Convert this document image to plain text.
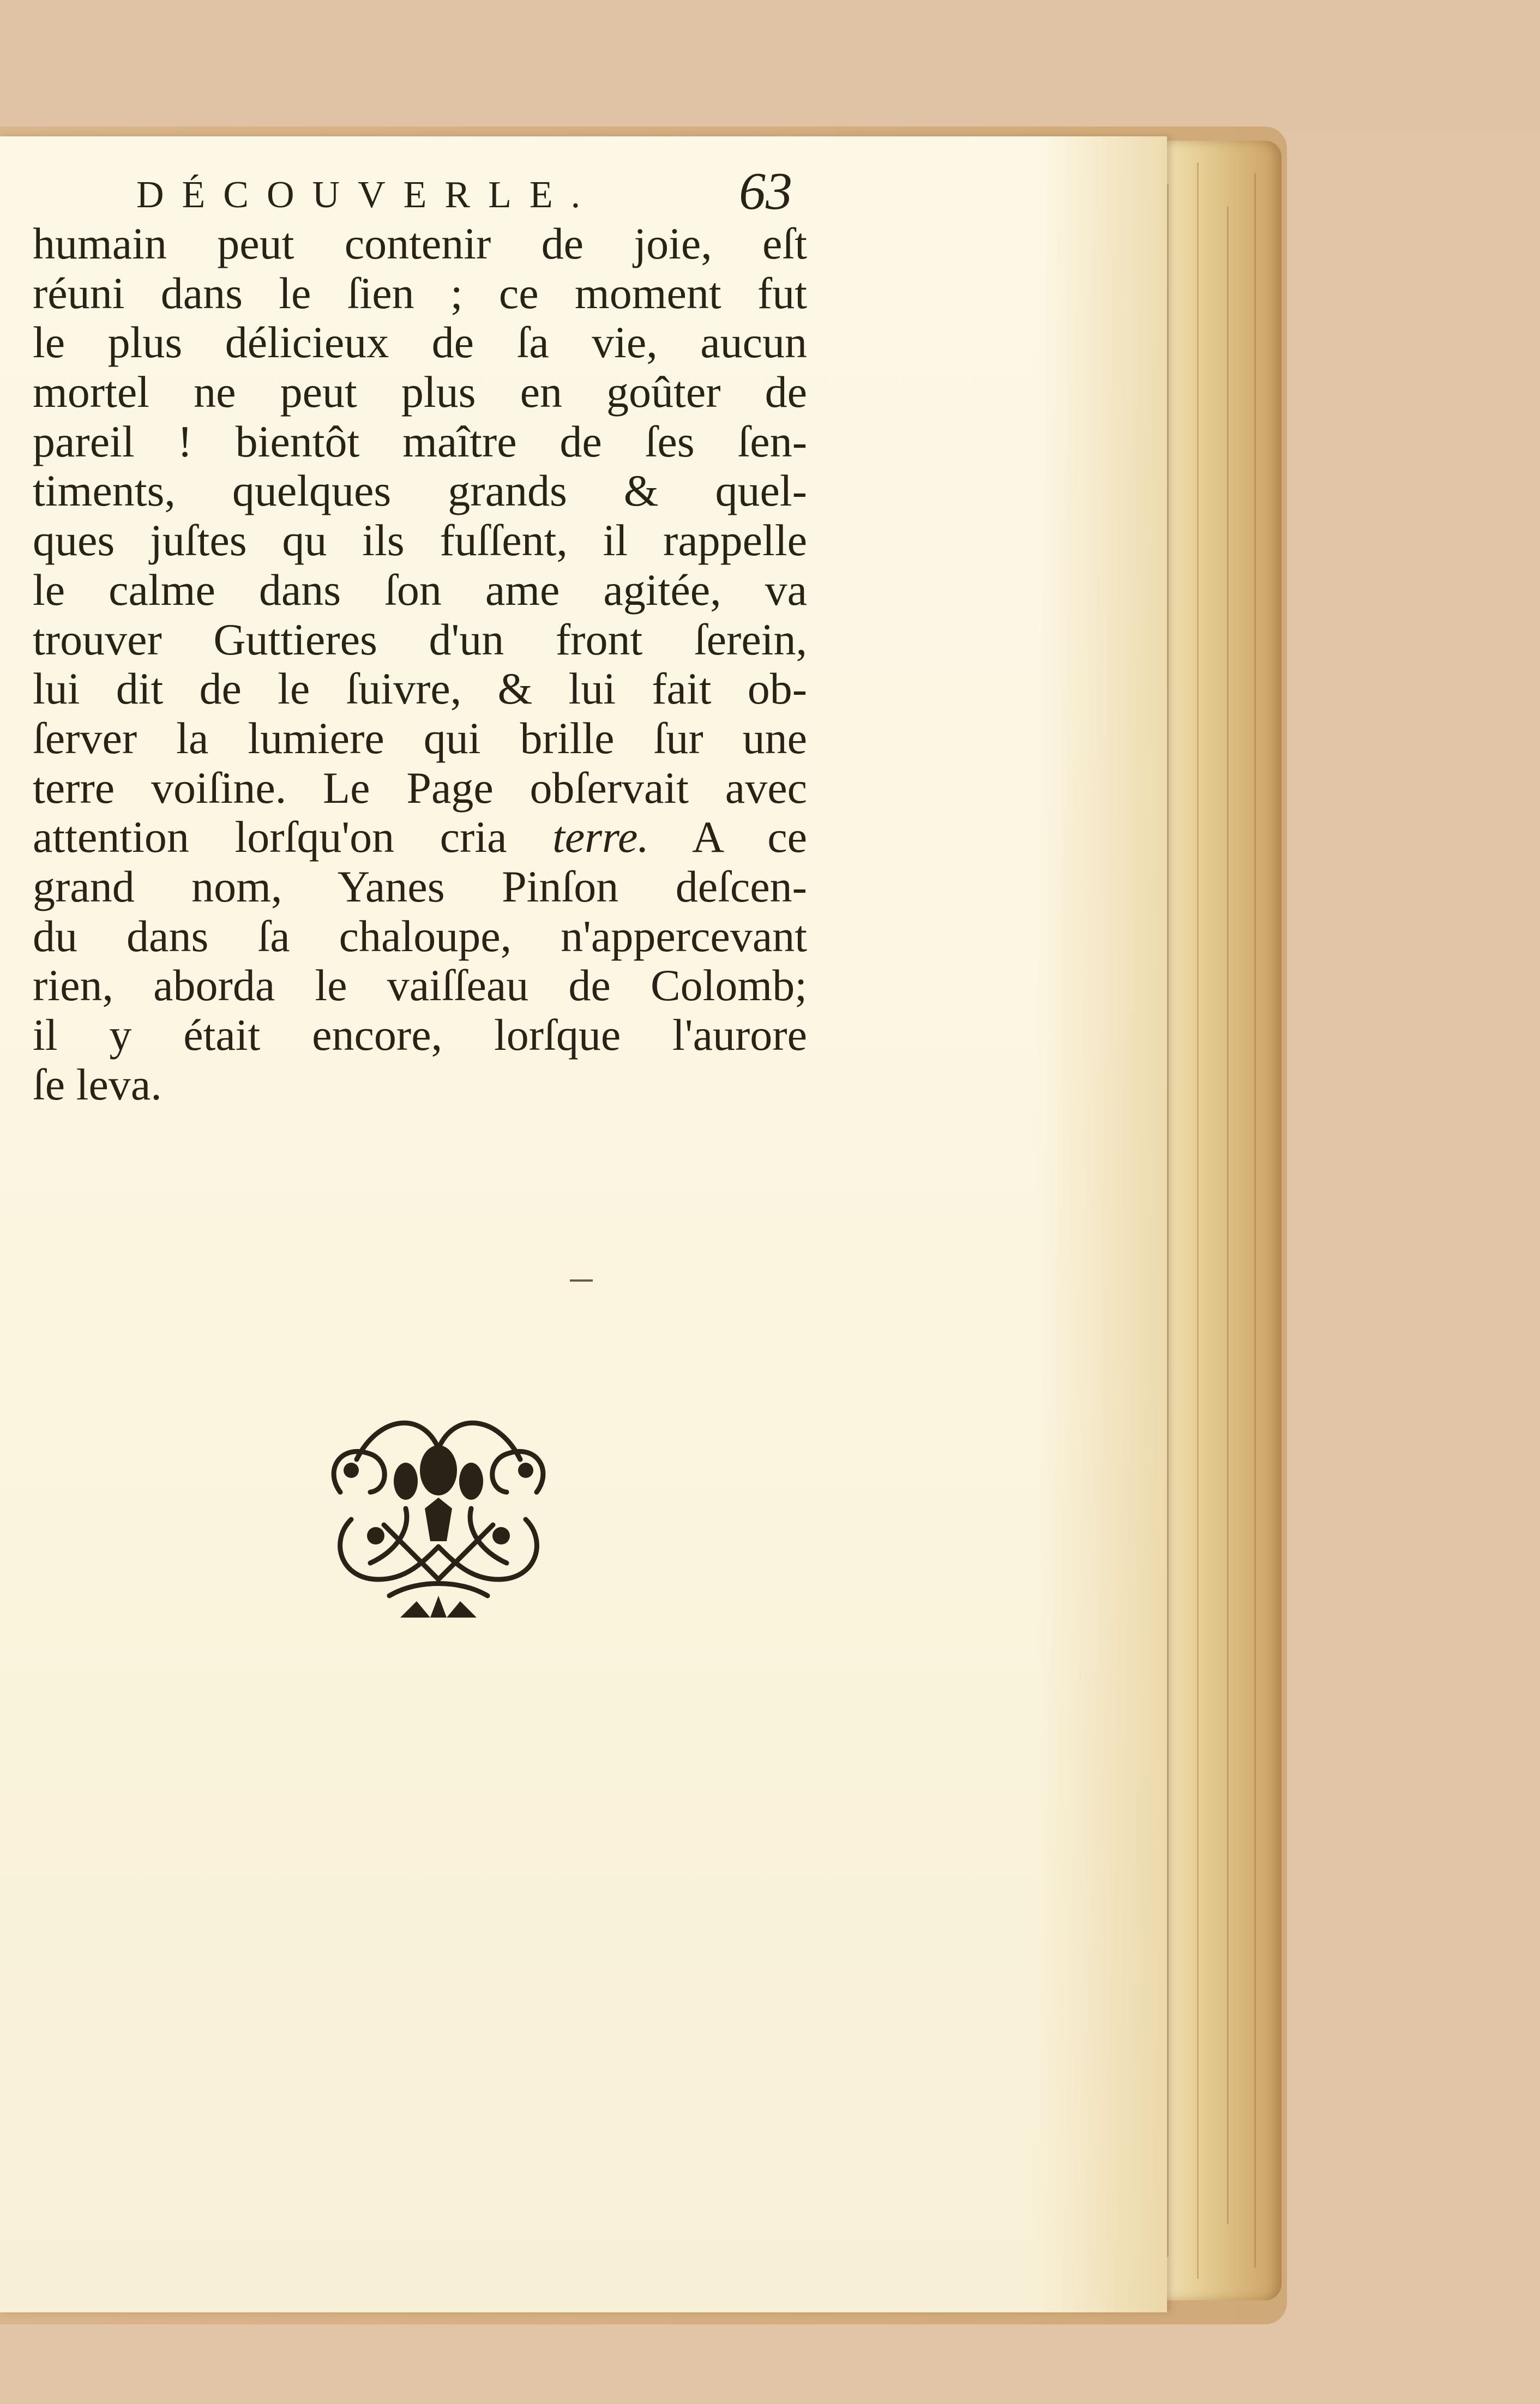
DÉCOUVERLE.	63
humain peut contenir de joie, eſt
réuni dans le ſien ; ce moment fut
le plus délicieux de ſa vie, aucun
mortel ne peut plus en goûter de
pareil ! bientôt maître de ſes ſen-
timents, quelques grands & quel-
ques juſtes qu ils fuſſent, il rappelle
le calme dans ſon ame agitée, va
trouver Guttieres d'un front ſerein,
lui dit de le ſuivre, & lui fait ob-
ſerver la lumiere qui brille ſur une
terre voiſine. Le Page obſervait avec
attention lorſqu'on cria terre. A ce
grand nom, Yanes Pinſon deſcen-
du dans ſa chaloupe, n'appercevant
rien, aborda le vaiſſeau de Colomb;
il y était encore, lorſque l'aurore
ſe leva.
